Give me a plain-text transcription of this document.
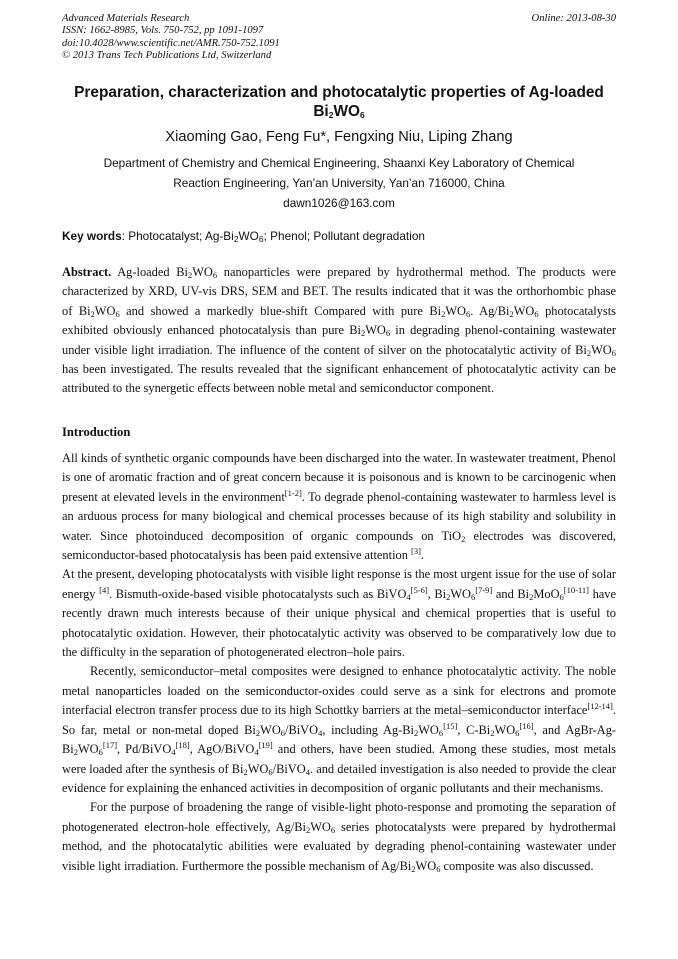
Advanced Materials Research
ISSN: 1662-8985, Vols. 750-752, pp 1091-1097
doi:10.4028/www.scientific.net/AMR.750-752.1091
© 2013 Trans Tech Publications Ltd, Switzerland
Online: 2013-08-30
Preparation, characterization and photocatalytic properties of Ag-loaded
$Bi_2WO_6$
Xiaoming Gao, Feng Fu*, Fengxing Niu, Liping Zhang
Department of Chemistry and Chemical Engineering, Shaanxi Key Laboratory of Chemical
Reaction Engineering, Yan’an University, Yan’an 716000, China
dawn1026@163.com
Key words: Photocatalyst; $Ag-Bi_2WO_6$; Phenol; Pollutant degradation
Abstract. Ag-loaded $Bi_2WO_6$ nanoparticles were prepared by hydrothermal method. The products were characterized by XRD, UV-vis DRS, SEM and BET. The results indicated that it was the orthorhombic phase of $Bi_2WO_6$ and showed a markedly blue-shift Compared with pure $Bi_2WO_6$. $Ag/Bi_2WO_6$ photocatalysts exhibited obviously enhanced photocatalysis than pure $Bi_2WO_6$ in degrading phenol-containing wastewater under visible light irradiation. The influence of the content of silver on the photocatalytic activity of $Bi_2WO_6$ has been investigated. The results revealed that the significant enhancement of photocatalytic activity can be attributed to the synergetic effects between noble metal and semiconductor component.
Introduction

All kinds of synthetic organic compounds have been discharged into the water. In wastewater treatment, Phenol is one of aromatic fraction and of great concern because it is poisonous and is known to be carcinogenic when present at elevated levels in the environment[1-2]. To degrade phenol-containing wastewater to harmless level is an arduous process for many biological and chemical processes because of its high stability and solubility in water. Since photoinduced decomposition of organic compounds on TiO$_2$ electrodes was discovered, semiconductor-based photocatalysis has been paid extensive attention [3].

At the present, developing photocatalysts with visible light response is the most urgent issue for the use of solar energy [4]. Bismuth-oxide-based visible photocatalysts such as BiVO$_4$[5-6], $Bi_2WO_6[7-9]$ and $Bi_2MoO_6[10-11]$ have recently drawn much interests because of their unique physical and chemical properties that is useful to photocatalytic oxidation. However, their photocatalytic activity was observed to be comparatively low due to the difficulty in the separation of photogenerated electron–hole pairs.

Recently, semiconductor–metal composites were designed to enhance photocatalytic activity. The noble metal nanoparticles loaded on the semiconductor-oxides could serve as a sink for electrons and promote interfacial electron transfer process due to its high Schottky barriers at the metal–semiconductor interface[12-14]. So far, metal or non-metal doped $Bi_2WO_6/BiVO_4$, including $Ag-Bi_2WO_6[15]$, $C-Bi_2WO_6[16]$, and AgBr-$Ag-Bi_2WO_6[17]$, Pd/BiVO$_4$[18], AgO/BiVO$_4$[19] and others, have been studied. Among these studies, most metals were loaded after the synthesis of $Bi_2WO_6/BiVO_4$. and detailed investigation is also needed to provide the clear evidence for explaining the enhanced activities in decomposition of organic pollutants and their mechanisms.

For the purpose of broadening the range of visible-light photo-response and promoting the separation of photogenerated electron-hole effectively, $Ag/Bi_2WO_6$ series photocatalysts were prepared by hydrothermal method, and the photocatalytic abilities were evaluated by degrading phenol-containing wastewater under visible light irradiation. Furthermore the possible mechanism of $Ag/Bi_2WO_6$ composite was also discussed.
